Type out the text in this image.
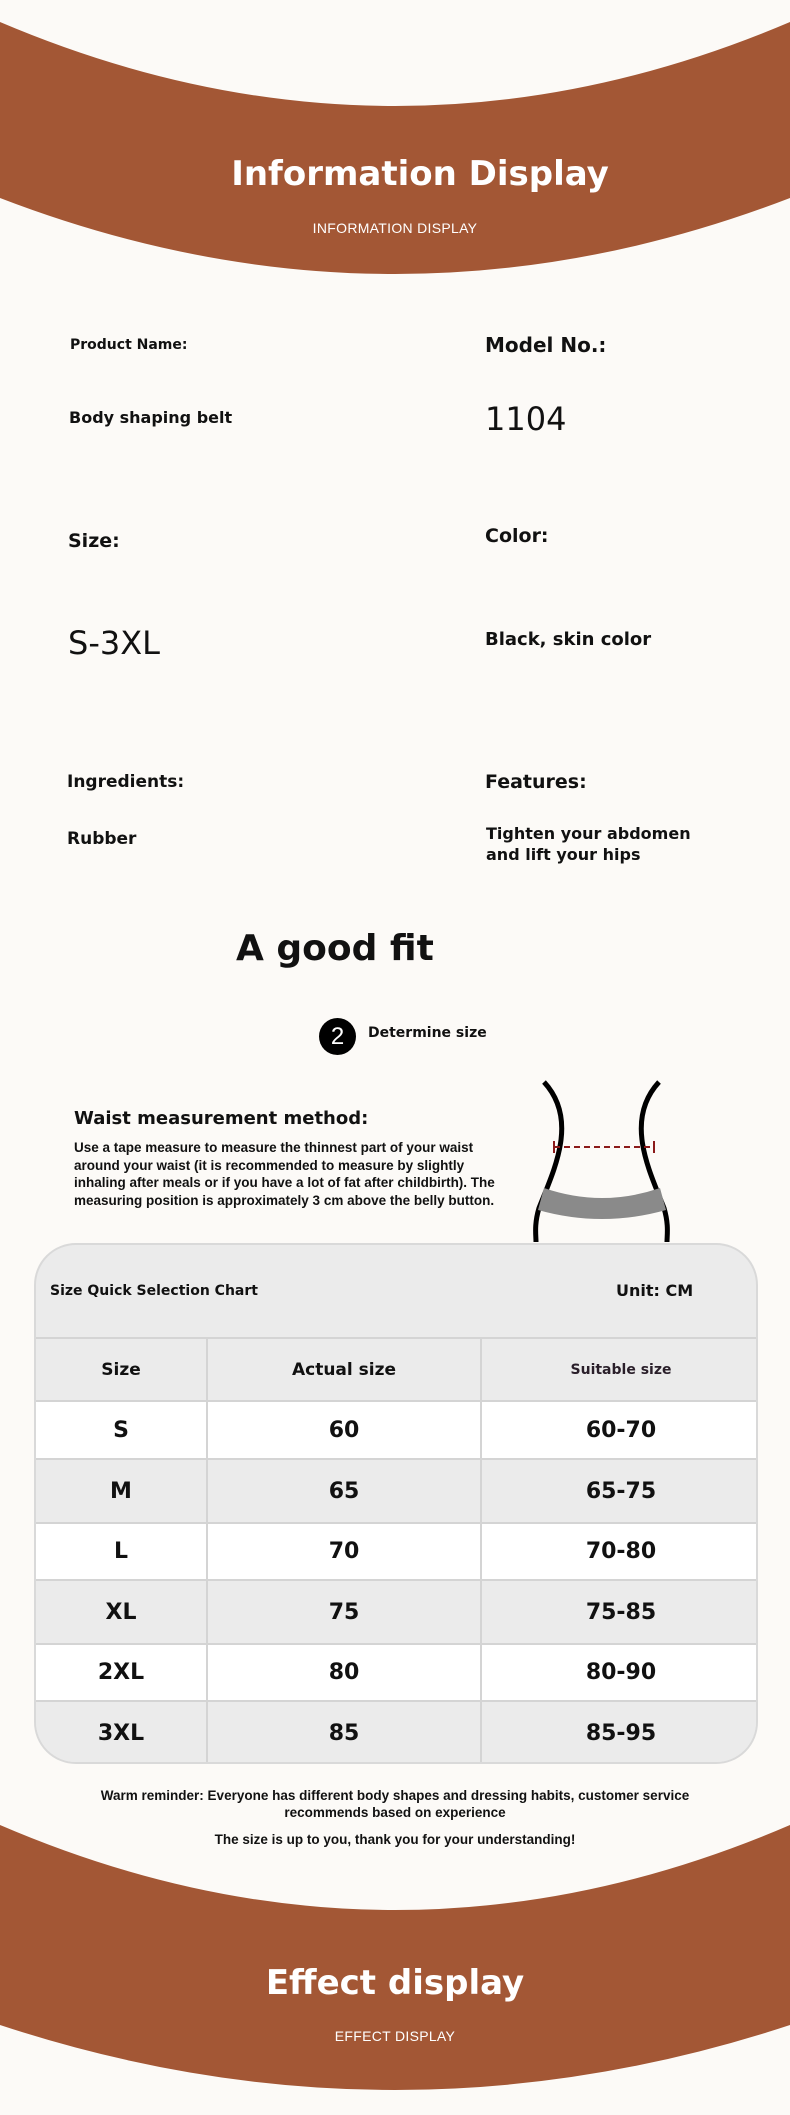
Information Display
INFORMATION DISPLAY
Product Name:
Body shaping belt
Model No.:
1104
Size:
S-3XL
Color:
Black, skin color
Ingredients:
Rubber
Features:
Tighten your abdomen
and lift your hips
A good fit
2	Determine size
Waist measurement method:
Use a tape measure to measure the thinnest part of your waist around your waist (it is recommended to measure by slightly inhaling after meals or if you have a lot of fat after childbirth). The measuring position is approximately 3 cm above the belly button.
Size Quick Selection Chart	Unit: CM
Size	Actual size	Suitable size
S	60	60-70
M	65	65-75
L	70	70-80
XL	75	75-85
2XL	80	80-90
3XL	85	85-95
Warm reminder: Everyone has different body shapes and dressing habits, customer service recommends based on experience
The size is up to you, thank you for your understanding!
Effect display
EFFECT DISPLAY
